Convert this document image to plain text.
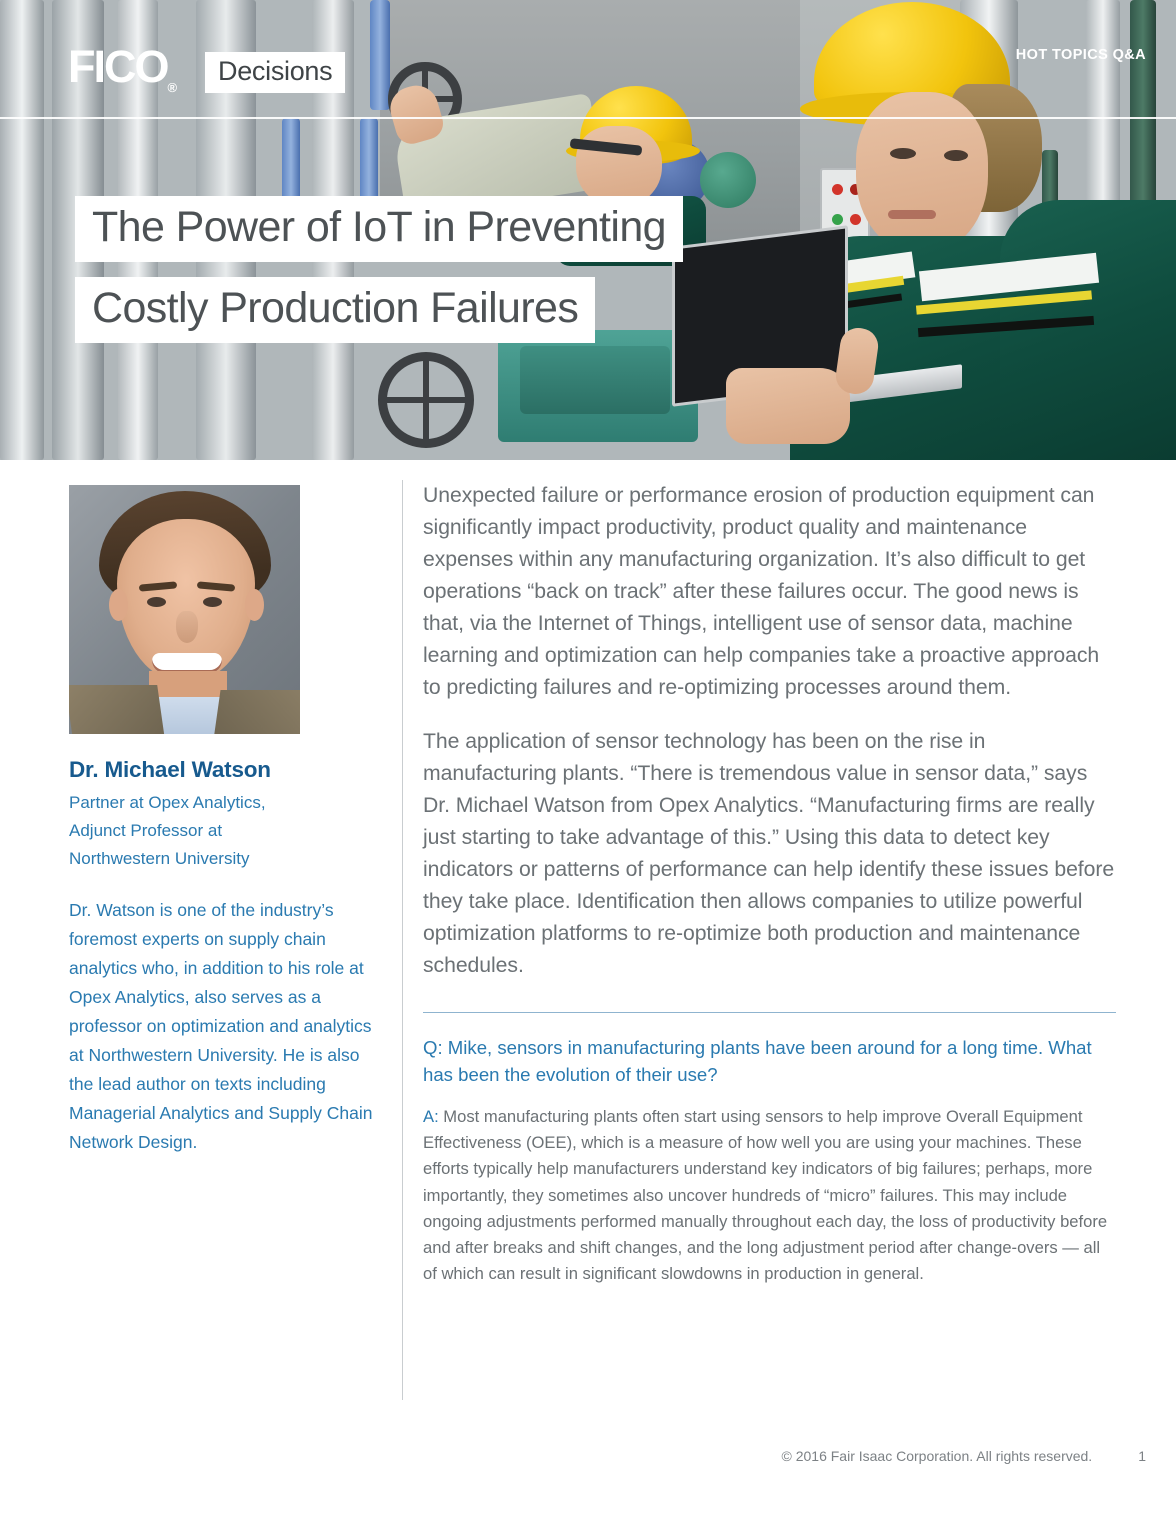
$FICO_®$
Decisions
HOT TOPICS Q&A
The Power of IoT in Preventing
Costly Production Failures
Dr. Michael Watson
Partner at Opex Analytics,
Adjunct Professor at
Northwestern University
Dr. Watson is one of the industry’s foremost experts on supply chain analytics who, in addition to his role at Opex Analytics, also serves as a professor on optimization and analytics at Northwestern University. He is also the lead author on texts including Managerial Analytics and Supply Chain Network Design.

Unexpected failure or performance erosion of production equipment can significantly impact productivity, product quality and maintenance expenses within any manufacturing organization. It’s also difficult to get operations “back on track” after these failures occur. The good news is that, via the Internet of Things, intelligent use of sensor data, machine learning and optimization can help companies take a proactive approach to predicting failures and re-optimizing processes around them.

The application of sensor technology has been on the rise in manufacturing plants. “There is tremendous value in sensor data,” says Dr. Michael Watson from Opex Analytics. “Manufacturing firms are really just starting to take advantage of this.” Using this data to detect key indicators or patterns of performance can help identify these issues before they take place. Identification then allows companies to utilize powerful optimization platforms to re-optimize both production and maintenance schedules.

Q: Mike, sensors in manufacturing plants have been around for a long time. What has been the evolution of their use?

A: Most manufacturing plants often start using sensors to help improve Overall Equipment Effectiveness (OEE), which is a measure of how well you are using your machines. These efforts typically help manufacturers understand key indicators of big failures; perhaps, more importantly, they sometimes also uncover hundreds of “micro” failures. This may include ongoing adjustments performed manually throughout each day, the loss of productivity before and after breaks and shift changes, and the long adjustment period after change-overs — all of which can result in significant slowdowns in production in general.

© 2016 Fair Isaac Corporation. All rights reserved.	1
